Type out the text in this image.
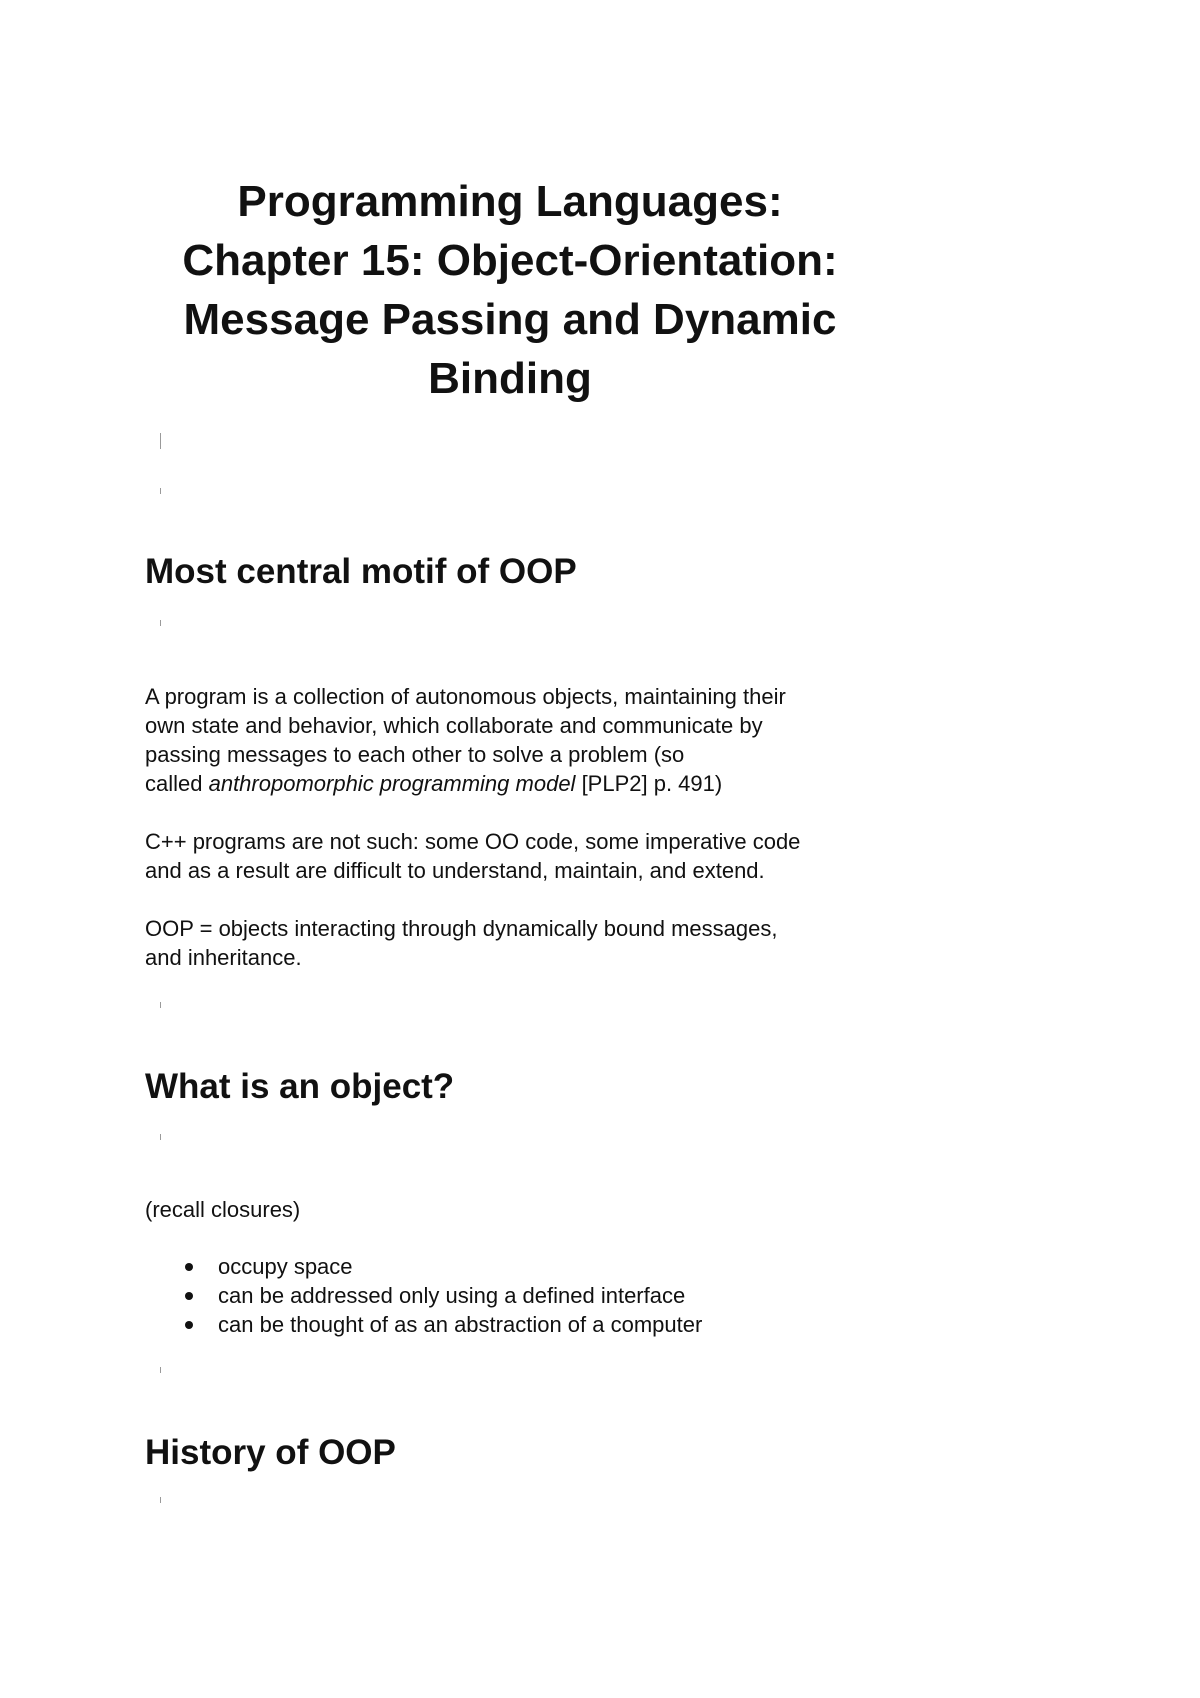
Programming Languages:
Chapter 15: Object-Orientation:
Message Passing and Dynamic
Binding
Most central motif of OOP

A program is a collection of autonomous objects, maintaining their
own state and behavior, which collaborate and communicate by
passing messages to each other to solve a problem (so
called anthropomorphic programming model [PLP2] p. 491)

C++ programs are not such: some OO code, some imperative code
and as a result are difficult to understand, maintain, and extend.

OOP = objects interacting through dynamically bound messages,
and inheritance.

What is an object?

(recall closures)

occupy space
can be addressed only using a defined interface
can be thought of as an abstraction of a computer
History of OOP
